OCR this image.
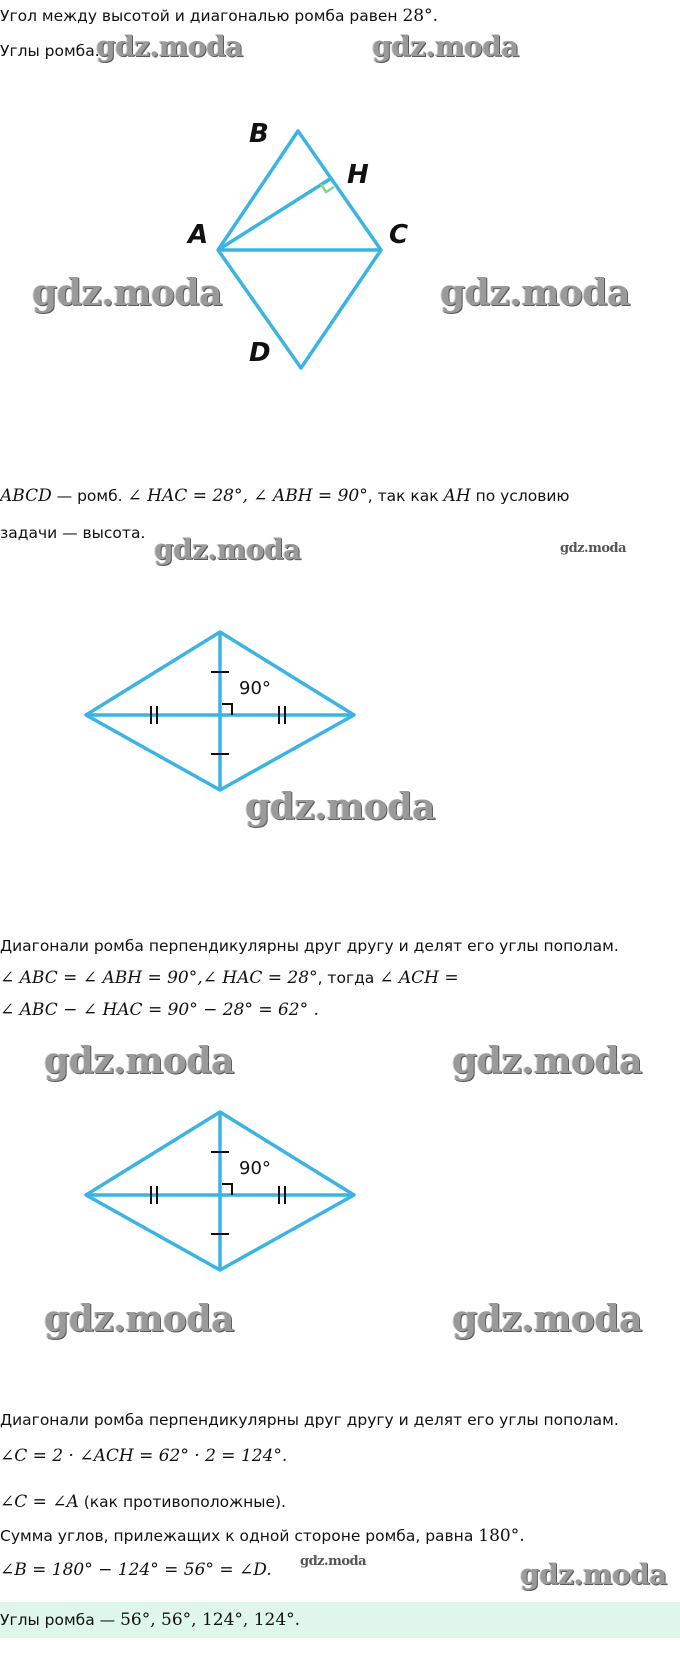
Угол между высотой и диагональю ромба равен 28°.
Углы ромба.
gdz.moda	gdz.moda
B
H
A	C
D
gdz.moda	gdz.moda
ABCD — ромб. ∠ HAC = 28°, ∠ ABH = 90°, так как AH по условию
задачи — высота. gdz.moda	gdz.moda
90°
gdz.moda
Диагонали ромба перпендикулярны друг другу и делят его углы пополам.
∠ ABC = ∠ ABH = 90°,∠ HAC = 28°, тогда ∠ ACH =
∠ ABC − ∠ HAC = 90° − 28° = 62° .
gdz.moda	gdz.moda
90°
gdz.moda	gdz.moda
Диагонали ромба перпендикулярны друг другу и делят его углы пополам.
∠C = 2 · ∠ACH = 62° · 2 = 124°.
∠C = ∠A (как противоположные).
Сумма углов, прилежащих к одной стороне ромба, равна 180°.
∠B = 180° − 124° = 56° = ∠D. gdz.moda	gdz.moda
Углы ромба — 56°, 56°, 124°, 124°.
